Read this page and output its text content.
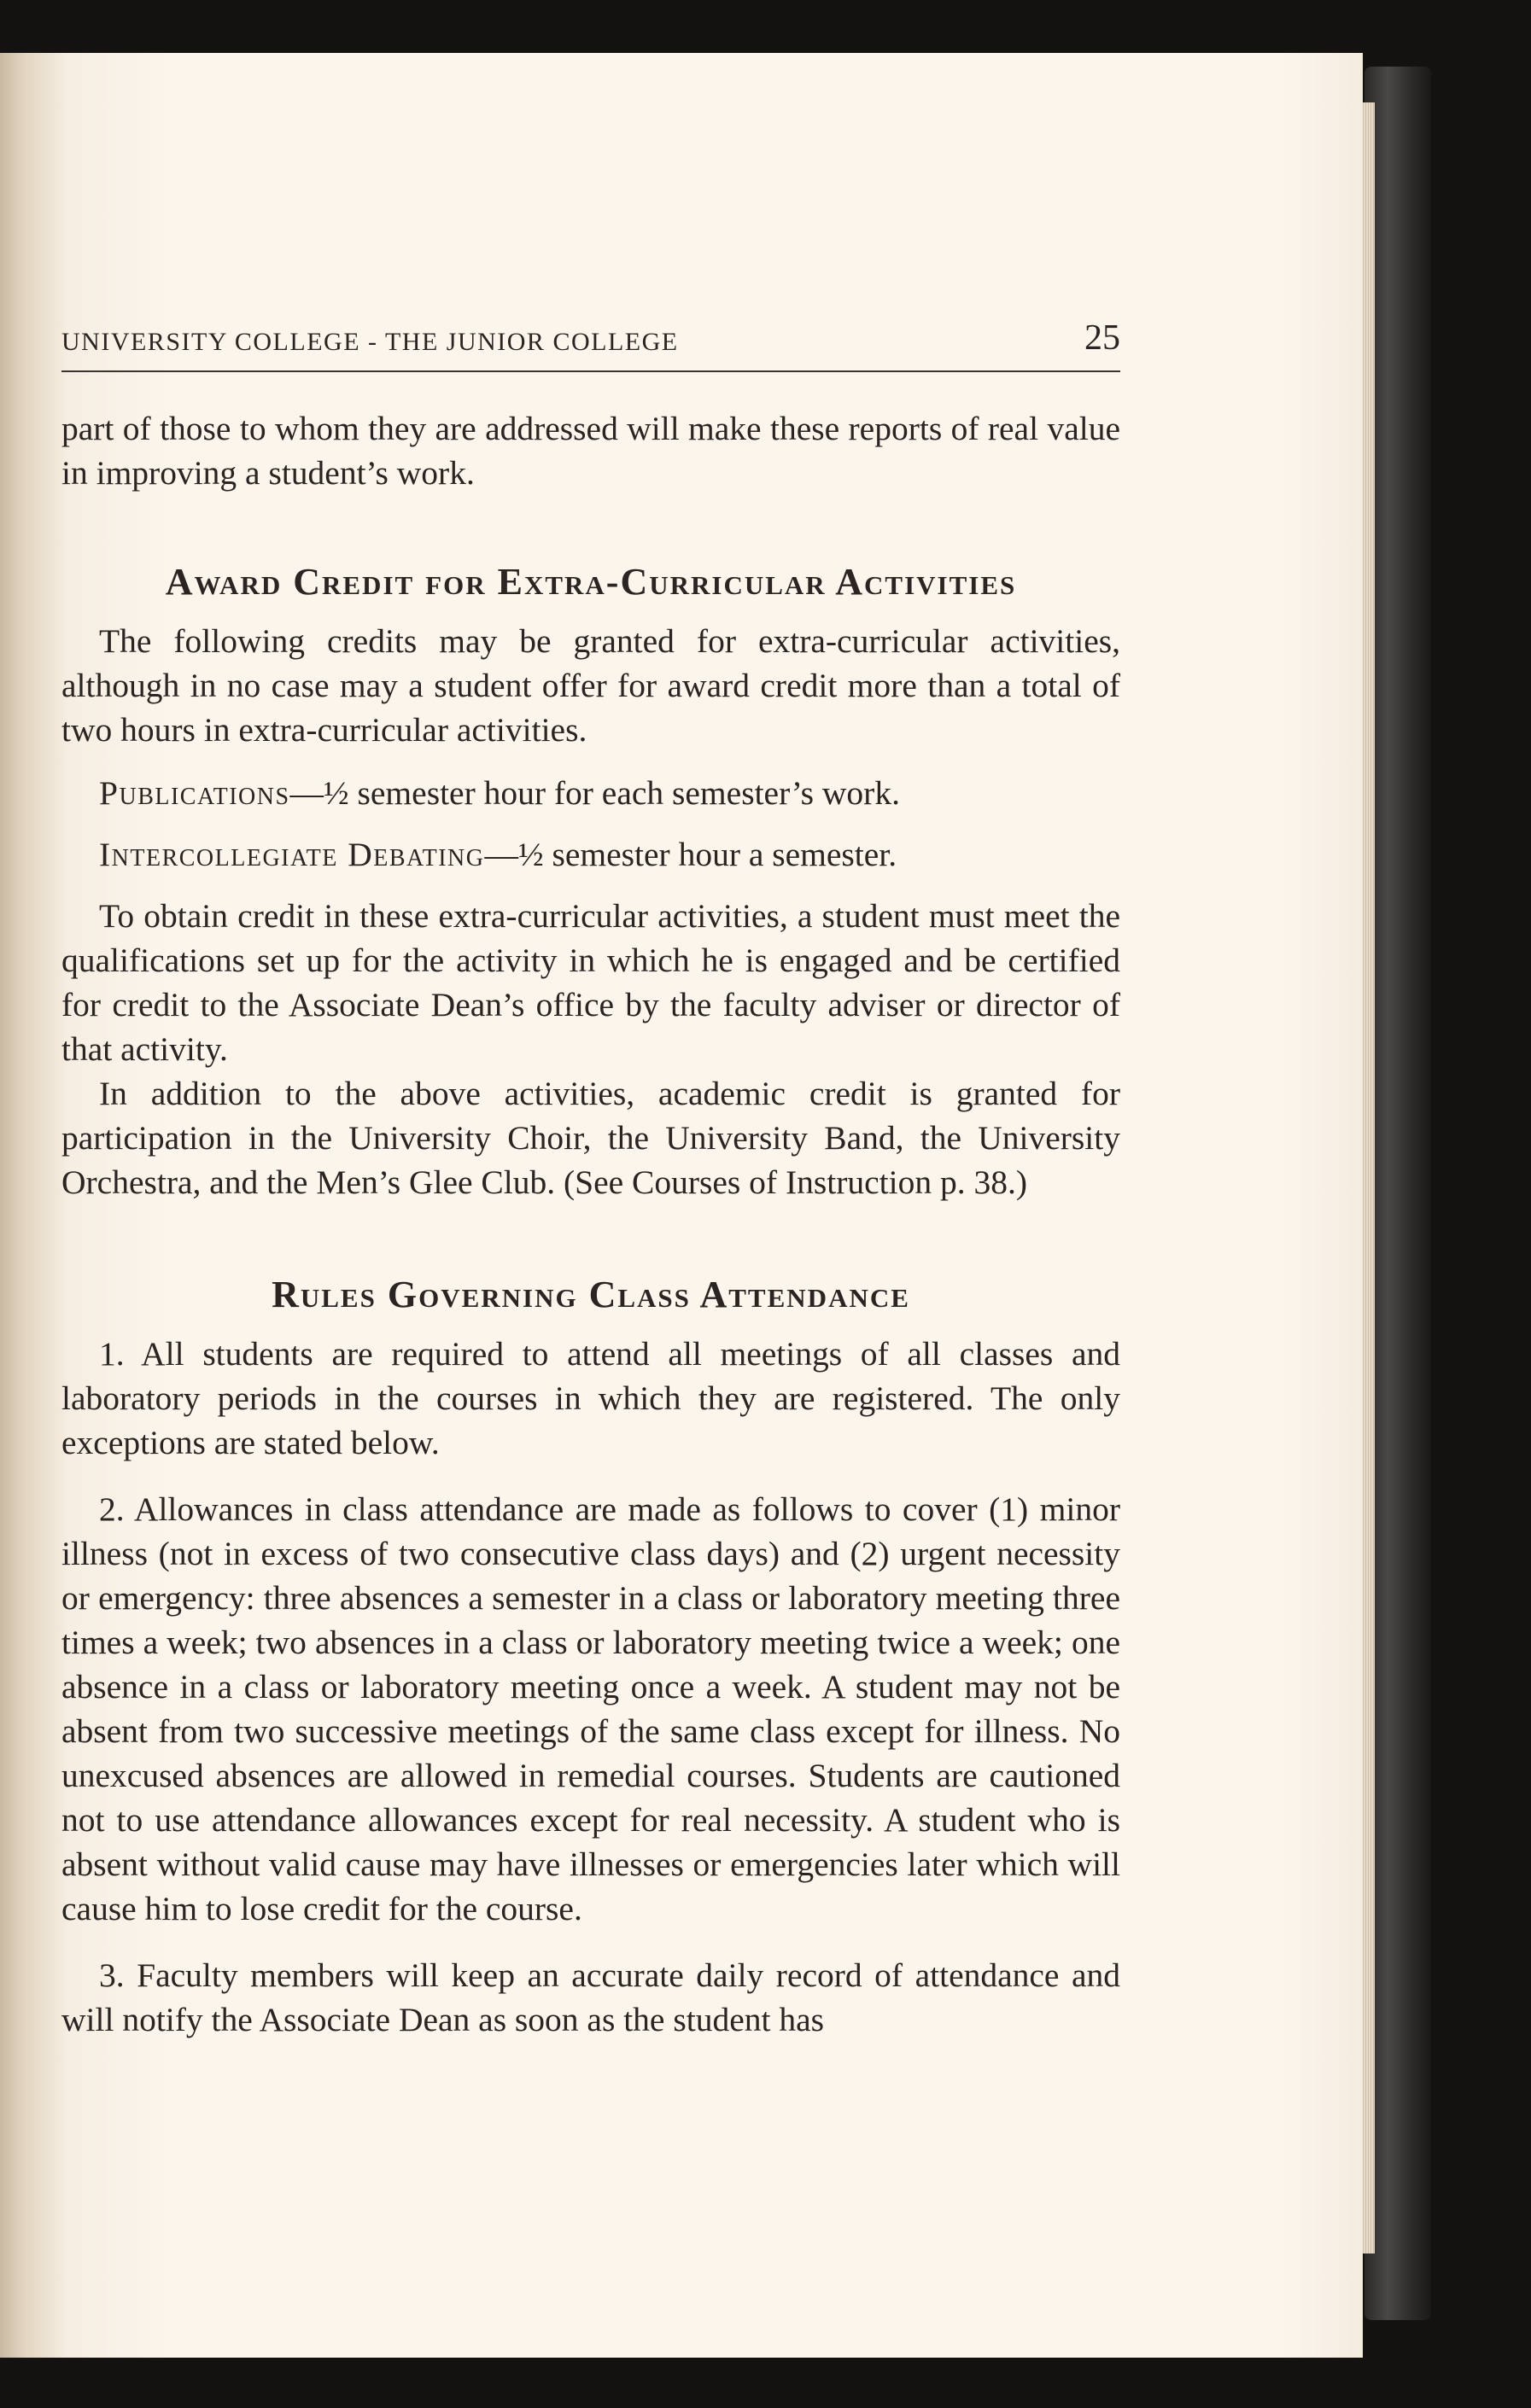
UNIVERSITY COLLEGE - THE JUNIOR COLLEGE	25

part of those to whom they are addressed will make these reports of real value in improving a student’s work.

Award Credit for Extra-Curricular Activities

The following credits may be granted for extra-curricular activities, although in no case may a student offer for award credit more than a total of two hours in extra-curricular activities.

Publications—½ semester hour for each semester’s work.
Intercollegiate Debating—½ semester hour a semester.

To obtain credit in these extra-curricular activities, a student must meet the qualifications set up for the activity in which he is engaged and be certified for credit to the Associate Dean’s office by the faculty adviser or director of that activity.

In addition to the above activities, academic credit is granted for participation in the University Choir, the University Band, the University Orchestra, and the Men’s Glee Club. (See Courses of Instruction p. 38.)

Rules Governing Class Attendance

1. All students are required to attend all meetings of all classes and laboratory periods in the courses in which they are registered. The only exceptions are stated below.

2. Allowances in class attendance are made as follows to cover (1) minor illness (not in excess of two consecutive class days) and (2) urgent necessity or emergency: three absences a semester in a class or laboratory meeting three times a week; two absences in a class or laboratory meeting twice a week; one absence in a class or laboratory meeting once a week. A student may not be absent from two successive meetings of the same class except for illness. No unexcused absences are allowed in remedial courses. Students are cautioned not to use attendance allowances except for real necessity. A student who is absent without valid cause may have illnesses or emergencies later which will cause him to lose credit for the course.

3. Faculty members will keep an accurate daily record of attendance and will notify the Associate Dean as soon as the student has
